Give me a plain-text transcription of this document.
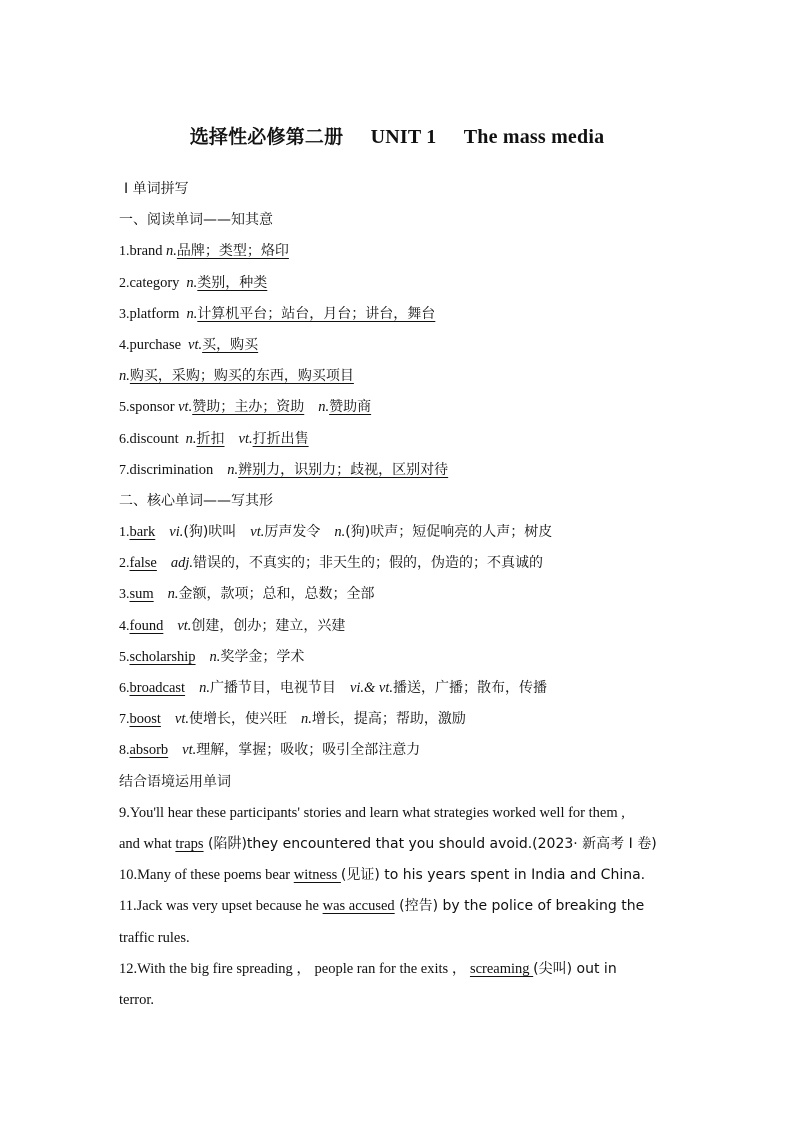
选择性必修第二册 UNIT 1 The mass media
Ⅰ 单词拼写
一、阅读单词——知其意
1.brand n.品牌；类型；烙印
2.category n.类别，种类
3.platform n.计算机平台；站台，月台；讲台，舞台
4.purchase vt.买，购买
n.购买，采购；购买的东西，购买项目
5.sponsor vt.赞助；主办；资助 n.赞助商
6.discount n.折扣 vt.打折出售
7.discrimination n.辨别力，识别力；歧视，区别对待
二、核心单词——写其形
1.bark vi.(狗)吠叫 vt.厉声发令 n.(狗)吠声；短促响亮的人声；树皮
2.false adj.错误的，不真实的；非天生的；假的，伪造的；不真诚的
3.sum n.金额，款项；总和，总数；全部
4.found vt.创建，创办；建立，兴建
5.scholarship n.奖学金；学术
6.broadcast n.广播节目，电视节目 vi.& vt.播送，广播；散布，传播
7.boost vt.使增长，使兴旺 n.增长，提高；帮助，激励
8.absorb vt.理解，掌握；吸收；吸引全部注意力
结合语境运用单词
9.You'll hear these participants' stories and learn what strategies worked well for them ,
and what traps (陷阱)they encountered that you should avoid.(2023· 新高考 Ⅰ 卷)
10.Many of these poems bear witness (见证) to his years spent in India and China.
11.Jack was very upset because he was accused (控告) by the police of breaking the
traffic rules.
12.With the big fire spreading ， people ran for the exits ， screaming (尖叫) out in
terror.
